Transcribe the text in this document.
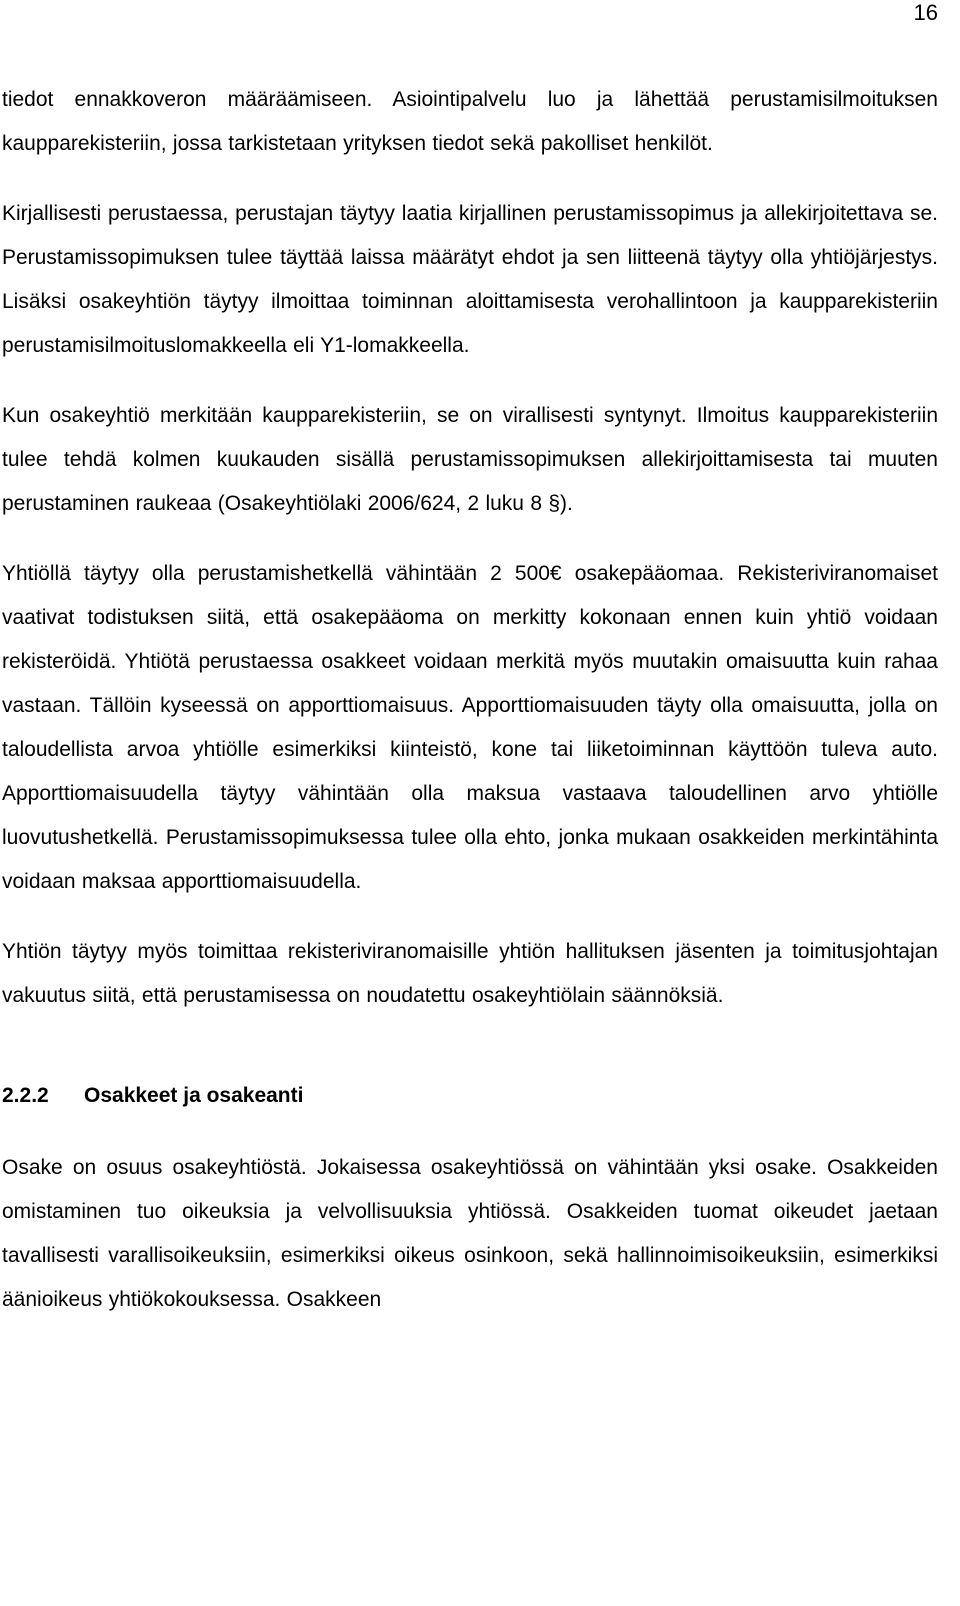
16

tiedot ennakkoveron määräämiseen. Asiointipalvelu luo ja lähettää perustamisilmoituksen kaupparekisteriin, jossa tarkistetaan yrityksen tiedot sekä pakolliset henkilöt.

Kirjallisesti perustaessa, perustajan täytyy laatia kirjallinen perustamissopimus ja allekirjoitettava se. Perustamissopimuksen tulee täyttää laissa määrätyt ehdot ja sen liitteenä täytyy olla yhtiöjärjestys. Lisäksi osakeyhtiön täytyy ilmoittaa toiminnan aloittamisesta verohallintoon ja kaupparekisteriin perustamisilmoituslomakkeella eli Y1-lomakkeella.

Kun osakeyhtiö merkitään kaupparekisteriin, se on virallisesti syntynyt. Ilmoitus kaupparekisteriin tulee tehdä kolmen kuukauden sisällä perustamissopimuksen allekirjoittamisesta tai muuten perustaminen raukeaa (Osakeyhtiölaki 2006/624, 2 luku 8 §).

Yhtiöllä täytyy olla perustamishetkellä vähintään 2 500€ osakepääomaa. Rekisteriviranomaiset vaativat todistuksen siitä, että osakepääoma on merkitty kokonaan ennen kuin yhtiö voidaan rekisteröidä. Yhtiötä perustaessa osakkeet voidaan merkitä myös muutakin omaisuutta kuin rahaa vastaan. Tällöin kyseessä on apporttiomaisuus. Apporttiomaisuuden täyty olla omaisuutta, jolla on taloudellista arvoa yhtiölle esimerkiksi kiinteistö, kone tai liiketoiminnan käyttöön tuleva auto. Apporttiomaisuudella täytyy vähintään olla maksua vastaava taloudellinen arvo yhtiölle luovutushetkellä. Perustamissopimuksessa tulee olla ehto, jonka mukaan osakkeiden merkintähinta voidaan maksaa apporttiomaisuudella.

Yhtiön täytyy myös toimittaa rekisteriviranomaisille yhtiön hallituksen jäsenten ja toimitusjohtajan vakuutus siitä, että perustamisessa on noudatettu osakeyhtiölain säännöksiä.

2.2.2 Osakkeet ja osakeanti

Osake on osuus osakeyhtiöstä. Jokaisessa osakeyhtiössä on vähintään yksi osake. Osakkeiden omistaminen tuo oikeuksia ja velvollisuuksia yhtiössä. Osakkeiden tuomat oikeudet jaetaan tavallisesti varallisoikeuksiin, esimerkiksi oikeus osinkoon, sekä hallinnoimisoikeuksiin, esimerkiksi äänioikeus yhtiökokouksessa. Osakkeen
